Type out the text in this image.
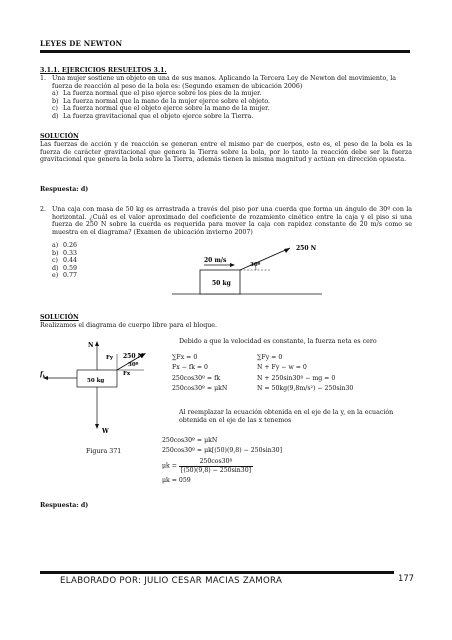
LEYES DE NEWTON
3.1.1. EJERCICIOS RESUELTOS 3.1.
1. Una mujer sostiene un objeto en una de sus manos. Aplicando la Tercera Ley de Newton del movimiento, la fuerza de reacción al peso de la bola es: (Segundo examen de ubicación 2006)
a) La fuerza normal que el piso ejerce sobre los pies de la mujer.
b) La fuerza normal que la mano de la mujer ejerce sobre el objeto.
c) La fuerza normal que el objeto ejerce sobre la mano de la mujer.
d) La fuerza gravitacional que el objeto ejerce sobre la Tierra.
SOLUCIÓN
Las fuerzas de acción y de reacción se generan entre el mismo par de cuerpos, esto es, el peso de la bola es la fuerza de carácter gravitacional que genera la Tierra sobre la bola, por lo tanto la reacción debe ser la fuerza gravitacional que genera la bola sobre la Tierra, además tienen la misma magnitud y actúan en dirección opuesta.
Respuesta: d)
2. Una caja con masa de 50 kg es arrastrada a través del piso por una cuerda que forma un ángulo de 30º con la horizontal. ¿Cuál es el valor aproximado del coeficiente de rozamiento cinético entre la caja y el piso si una fuerza de 250 N sobre la cuerda es requerida para mover la caja con rapidez constante de 20 m/s como se muestra en el diagrama? (Examen de ubicación invierno 2007)
a) 0.26
b) 0.33
c) 0.44
d) 0.59
e) 0.77
250 N
20 m/s
30º
50 kg
SOLUCIÓN
Realizamos el diagrama de cuerpo libre para el bloque.
N
Fy 250 N
30º
Fx
50 kg
$f_k$
W
Figura 371
Debido a que la velocidad es constante, la fuerza neta es cero
∑Fx = 0
Fx − fk = 0
250cos30º = fk
250cos30º = μkN
∑Fy = 0
N + Fy − w = 0
N + 250sin30º − mg = 0
N = 50kg(9,8m/s²) − 250sin30
Al reemplazar la ecuación obtenida en el eje de la y, en la ecuación obtenida en el eje de las x tenemos
250cos30º = μkN
250cos30º = μk[(50)(9,8) − 250sin30]
$\mu k = \frac{\text{250cos30º}}{[(50)(9,8) - 250\sin 30]}$
μk = 059
Respuesta: d)
ELABORADO POR: JULIO CESAR MACIAS ZAMORA	177
